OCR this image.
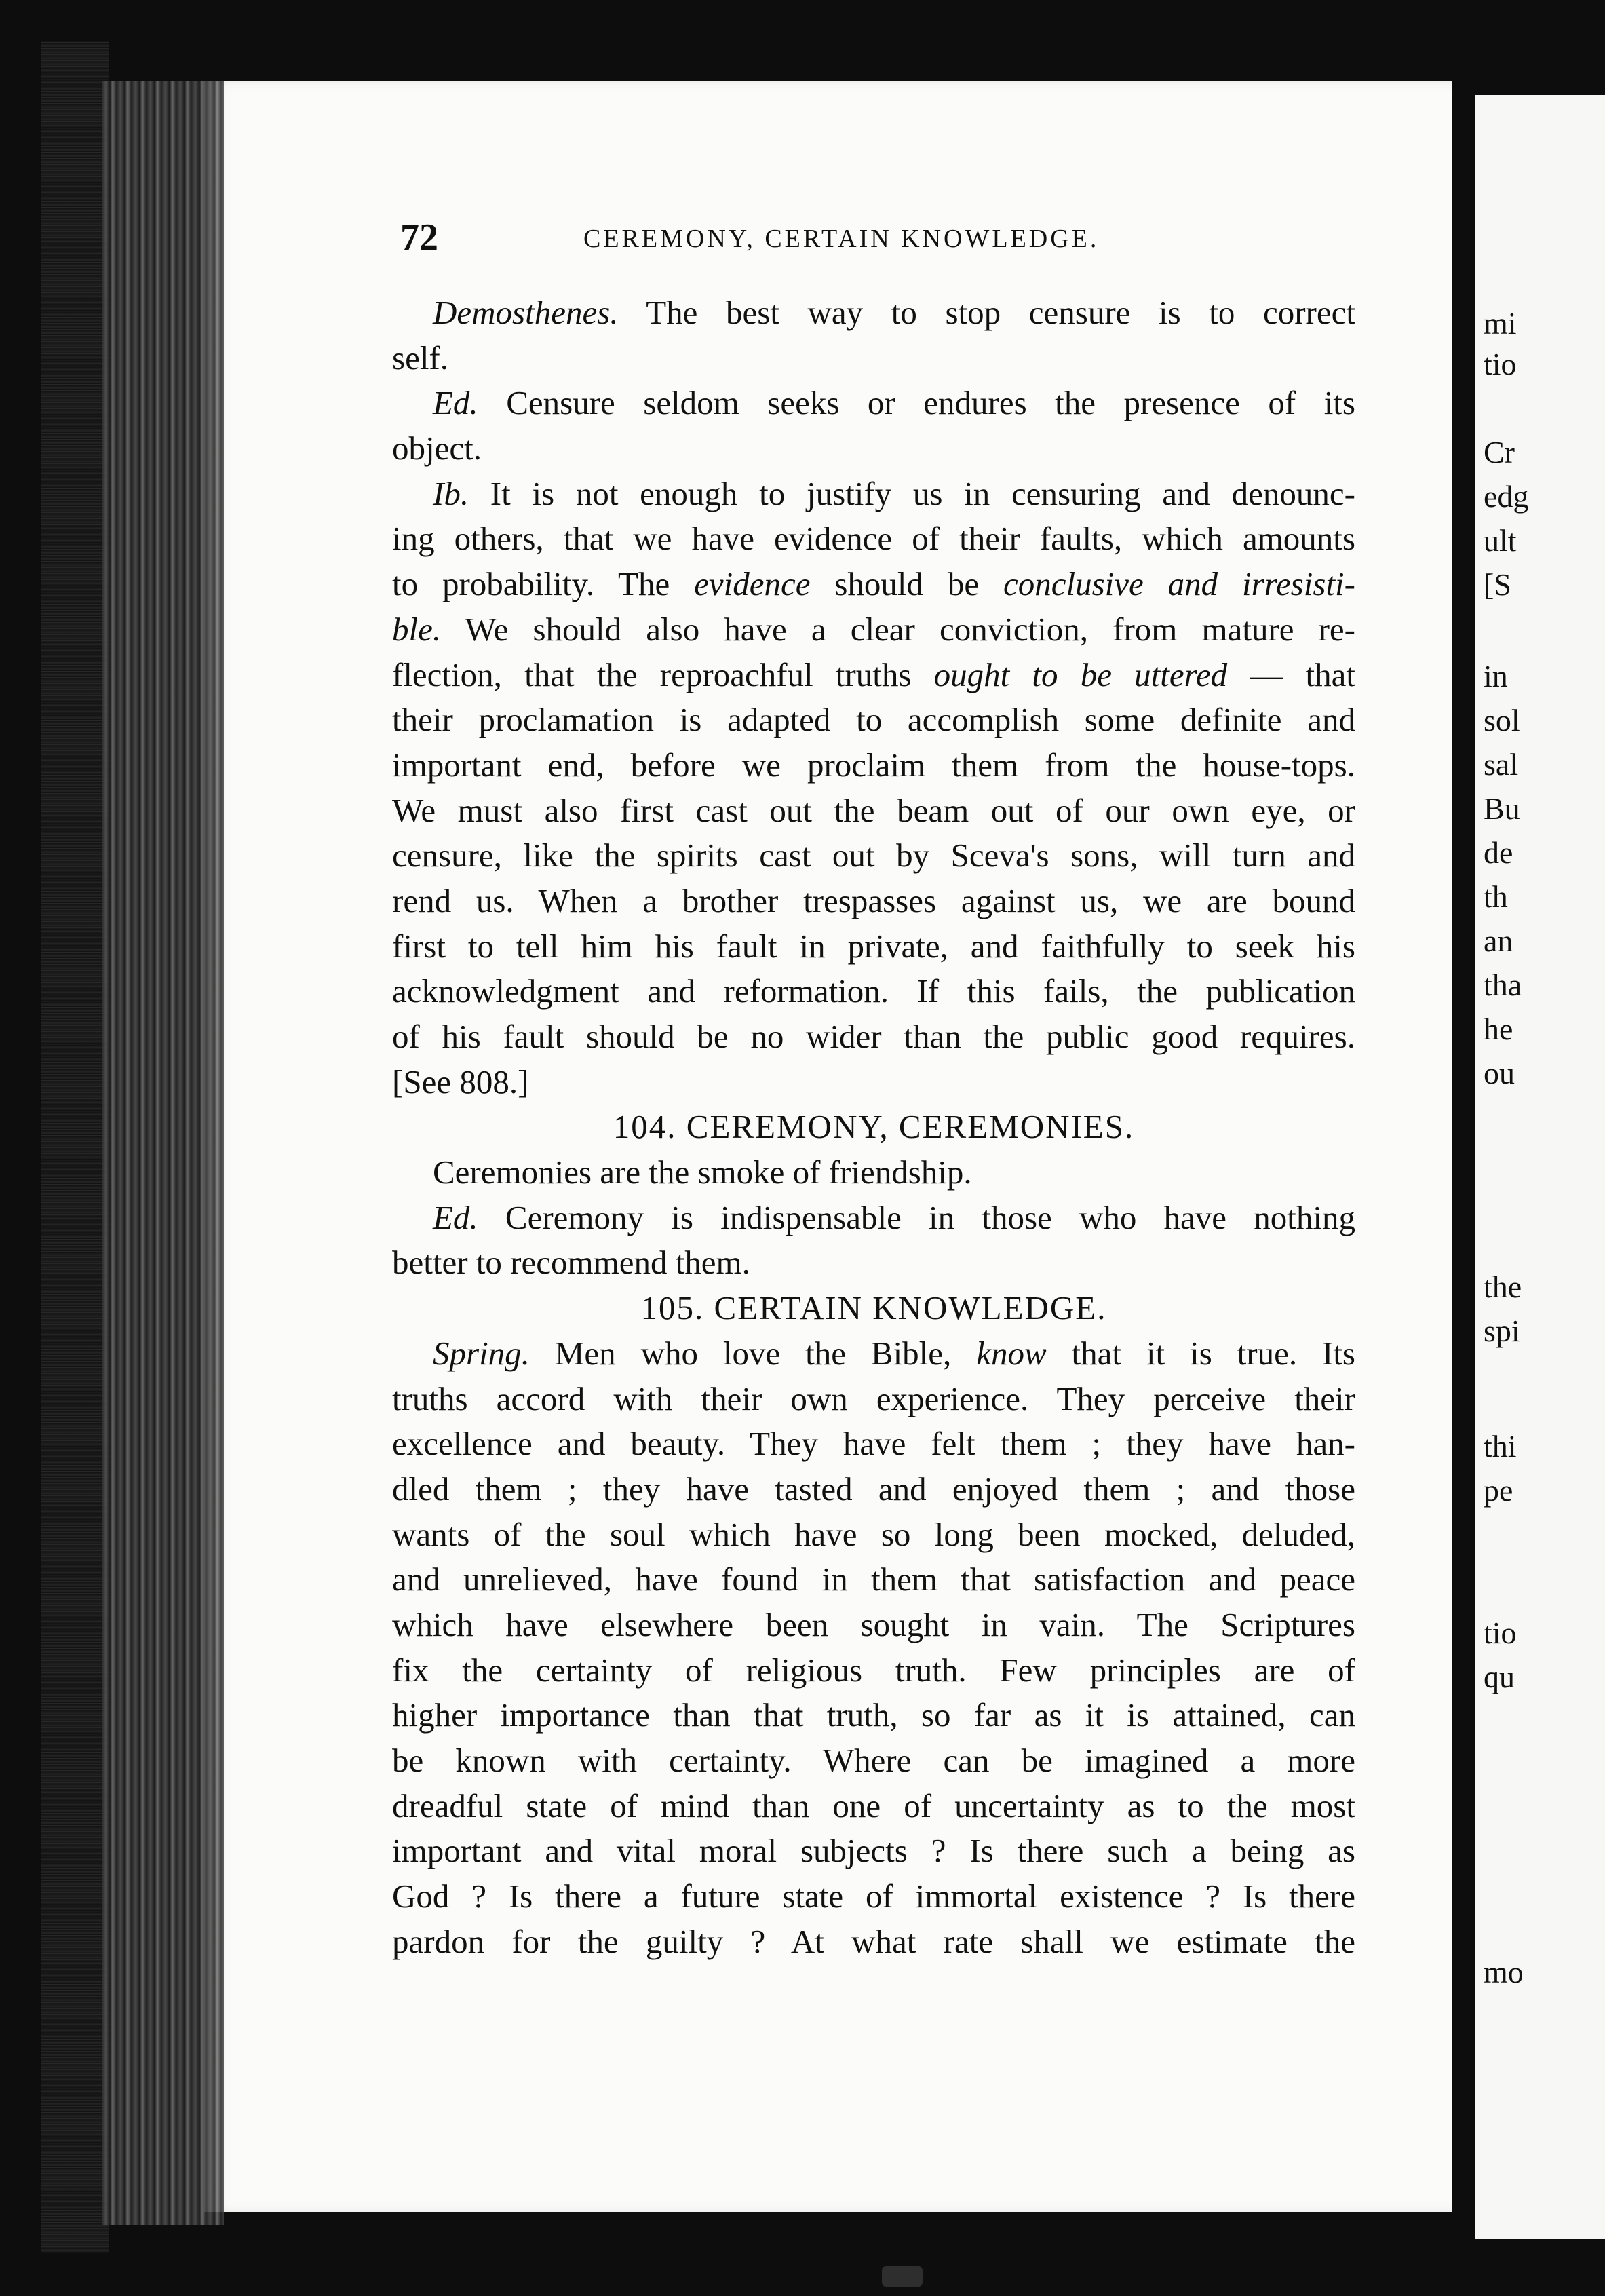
mi
tio
Cr
edg
ult
[S
in
sol
sal
Bu
de
th
an
tha
he
ou
the
spi
thi
pe
tio
qu
mo
72	CEREMONY, CERTAIN KNOWLEDGE.
Demosthenes. The best way to stop censure is to correct
self.
Ed. Censure seldom seeks or endures the presence of its
object.
Ib. It is not enough to justify us in censuring and denounc-
ing others, that we have evidence of their faults, which amounts
to probability. The evidence should be conclusive and irresisti-
ble. We should also have a clear conviction, from mature re-
flection, that the reproachful truths ought to be uttered — that
their proclamation is adapted to accomplish some definite and
important end, before we proclaim them from the house-tops.
We must also first cast out the beam out of our own eye, or
censure, like the spirits cast out by Sceva's sons, will turn and
rend us. When a brother trespasses against us, we are bound
first to tell him his fault in private, and faithfully to seek his
acknowledgment and reformation. If this fails, the publication
of his fault should be no wider than the public good requires.
[See 808.]
104. CEREMONY, CEREMONIES.
Ceremonies are the smoke of friendship.
Ed. Ceremony is indispensable in those who have nothing
better to recommend them.
105. CERTAIN KNOWLEDGE.
Spring. Men who love the Bible, know that it is true. Its
truths accord with their own experience. They perceive their
excellence and beauty. They have felt them ; they have han-
dled them ; they have tasted and enjoyed them ; and those
wants of the soul which have so long been mocked, deluded,
and unrelieved, have found in them that satisfaction and peace
which have elsewhere been sought in vain. The Scriptures
fix the certainty of religious truth. Few principles are of
higher importance than that truth, so far as it is attained, can
be known with certainty. Where can be imagined a more
dreadful state of mind than one of uncertainty as to the most
important and vital moral subjects ? Is there such a being as
God ? Is there a future state of immortal existence ? Is there
pardon for the guilty ? At what rate shall we estimate the
